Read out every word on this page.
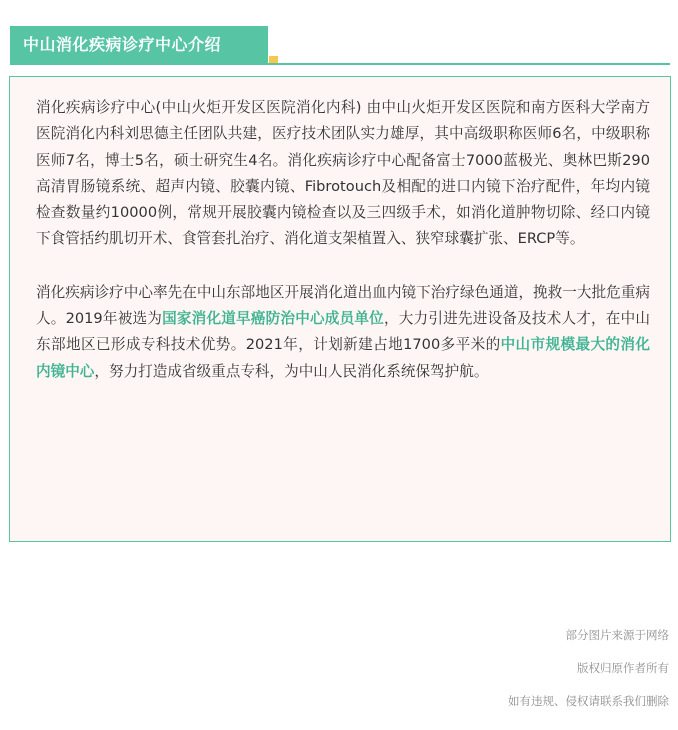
中山消化疾病诊疗中心介绍

消化疾病诊疗中心(中山火炬开发区医院消化内科) 由中山火炬开发区医院和南方医科大学南方医院消化内科刘思德主任团队共建，医疗技术团队实力雄厚，其中高级职称医师6名，中级职称医师7名，博士5名，硕士研究生4名。消化疾病诊疗中心配备富士7000蓝极光、奥林巴斯290高清胃肠镜系统、超声内镜、胶囊内镜、Fibrotouch及相配的进口内镜下治疗配件，年均内镜检查数量约10000例，常规开展胶囊内镜检查以及三四级手术，如消化道肿物切除、经口内镜下食管括约肌切开术、食管套扎治疗、消化道支架植置入、狭窄球囊扩张、ERCP等。

消化疾病诊疗中心率先在中山东部地区开展消化道出血内镜下治疗绿色通道，挽救一大批危重病人。2019年被选为国家消化道早癌防治中心成员单位，大力引进先进设备及技术人才，在中山东部地区已形成专科技术优势。2021年，计划新建占地1700多平米的中山市规模最大的消化内镜中心，努力打造成省级重点专科，为中山人民消化系统保驾护航。

部分图片来源于网络

版权归原作者所有

如有违规、侵权请联系我们删除
